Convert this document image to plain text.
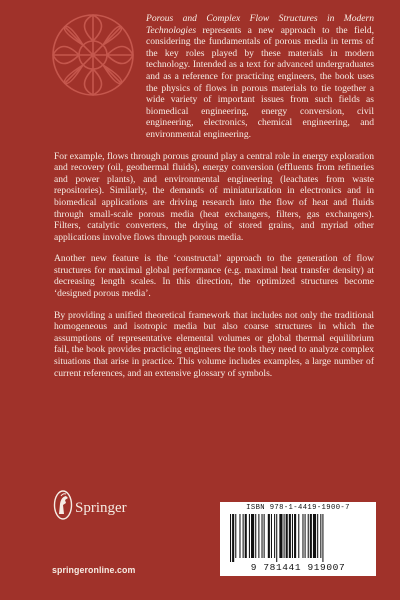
Porous and Complex Flow Structures in Modern Technologies represents a new approach to the field, considering the fundamentals of porous media in terms of the key roles played by these materials in modern technology. Intended as a text for advanced undergraduates and as a reference for practicing engineers, the book uses the physics of flows in porous materials to tie together a wide variety of important issues from such fields as biomedical engineering, energy conversion, civil engineering, electronics, chemical engineering, and environmental engineering.

For example, flows through porous ground play a central role in energy exploration and recovery (oil, geothermal fluids), energy conversion (effluents from refineries and power plants), and environmental engineering (leachates from waste repositories). Similarly, the demands of miniaturization in electronics and in biomedical applications are driving research into the flow of heat and fluids through small-scale porous media (heat exchangers, filters, gas exchangers). Filters, catalytic converters, the drying of stored grains, and myriad other applications involve flows through porous media.

Another new feature is the ‘constructal’ approach to the generation of flow structures for maximal global performance (e.g. maximal heat transfer density) at decreasing length scales. In this direction, the optimized structures become ‘designed porous media’.

By providing a unified theoretical framework that includes not only the traditional homogeneous and isotropic media but also coarse structures in which the assumptions of representative elemental volumes or global thermal equilibrium fail, the book provides practicing engineers the tools they need to analyze complex situations that arise in practice. This volume includes examples, a large number of current references, and an extensive glossary of symbols.

Springer
springeronline.com
ISBN 978-1-4419-1900-7
9 781441 919007
